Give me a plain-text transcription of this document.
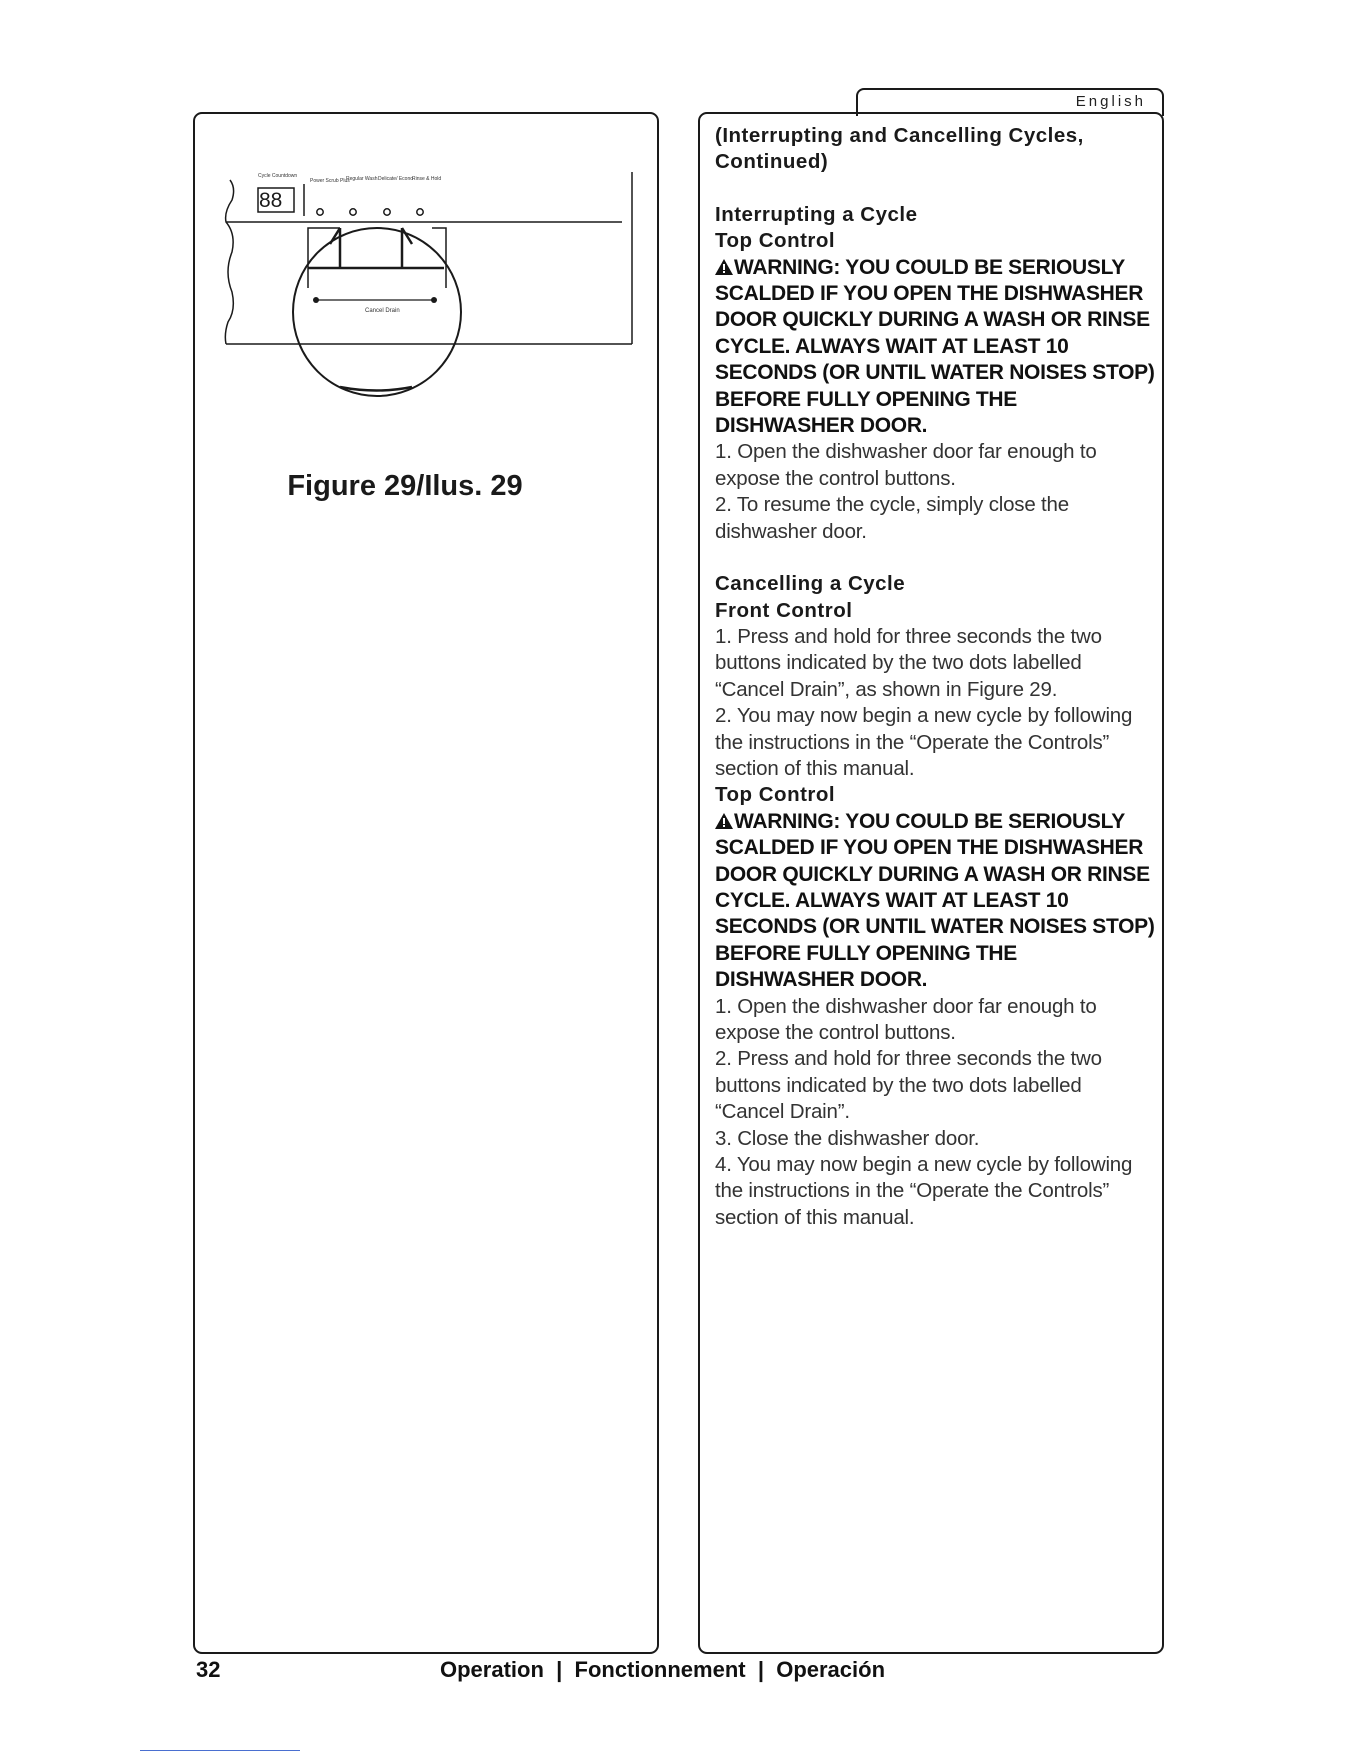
English
88
Cycle Countdown
Power Scrub Plus
Regular Wash Delicate/ Econo
Rinse & Hold
Cancel Drain
Figure 29/Ilus. 29
(Interrupting and Cancelling Cycles, Continued)
Interrupting a Cycle
Top Control
WARNING: YOU COULD BE SERIOUSLY SCALDED IF YOU OPEN THE DISHWASHER DOOR QUICKLY DURING A WASH OR RINSE CYCLE. ALWAYS WAIT AT LEAST 10 SECONDS (OR UNTIL WATER NOISES STOP) BEFORE FULLY OPENING THE DISHWASHER DOOR.
1. Open the dishwasher door far enough to expose the control buttons.
2. To resume the cycle, simply close the dishwasher door.
Cancelling a Cycle
Front Control
1. Press and hold for three seconds the two buttons indicated by the two dots labelled “Cancel Drain”, as shown in Figure 29.
2. You may now begin a new cycle by following the instructions in the “Operate the Controls” section of this manual.
Top Control
WARNING: YOU COULD BE SERIOUSLY SCALDED IF YOU OPEN THE DISHWASHER DOOR QUICKLY DURING A WASH OR RINSE CYCLE. ALWAYS WAIT AT LEAST 10 SECONDS (OR UNTIL WATER NOISES STOP) BEFORE FULLY OPENING THE DISHWASHER DOOR.
1. Open the dishwasher door far enough to expose the control buttons.
2. Press and hold for three seconds the two buttons indicated by the two dots labelled “Cancel Drain”.
3. Close the dishwasher door.
4. You may now begin a new cycle by following the instructions in the “Operate the Controls” section of this manual.
32	Operation  |  Fonctionnement  |  Operación
